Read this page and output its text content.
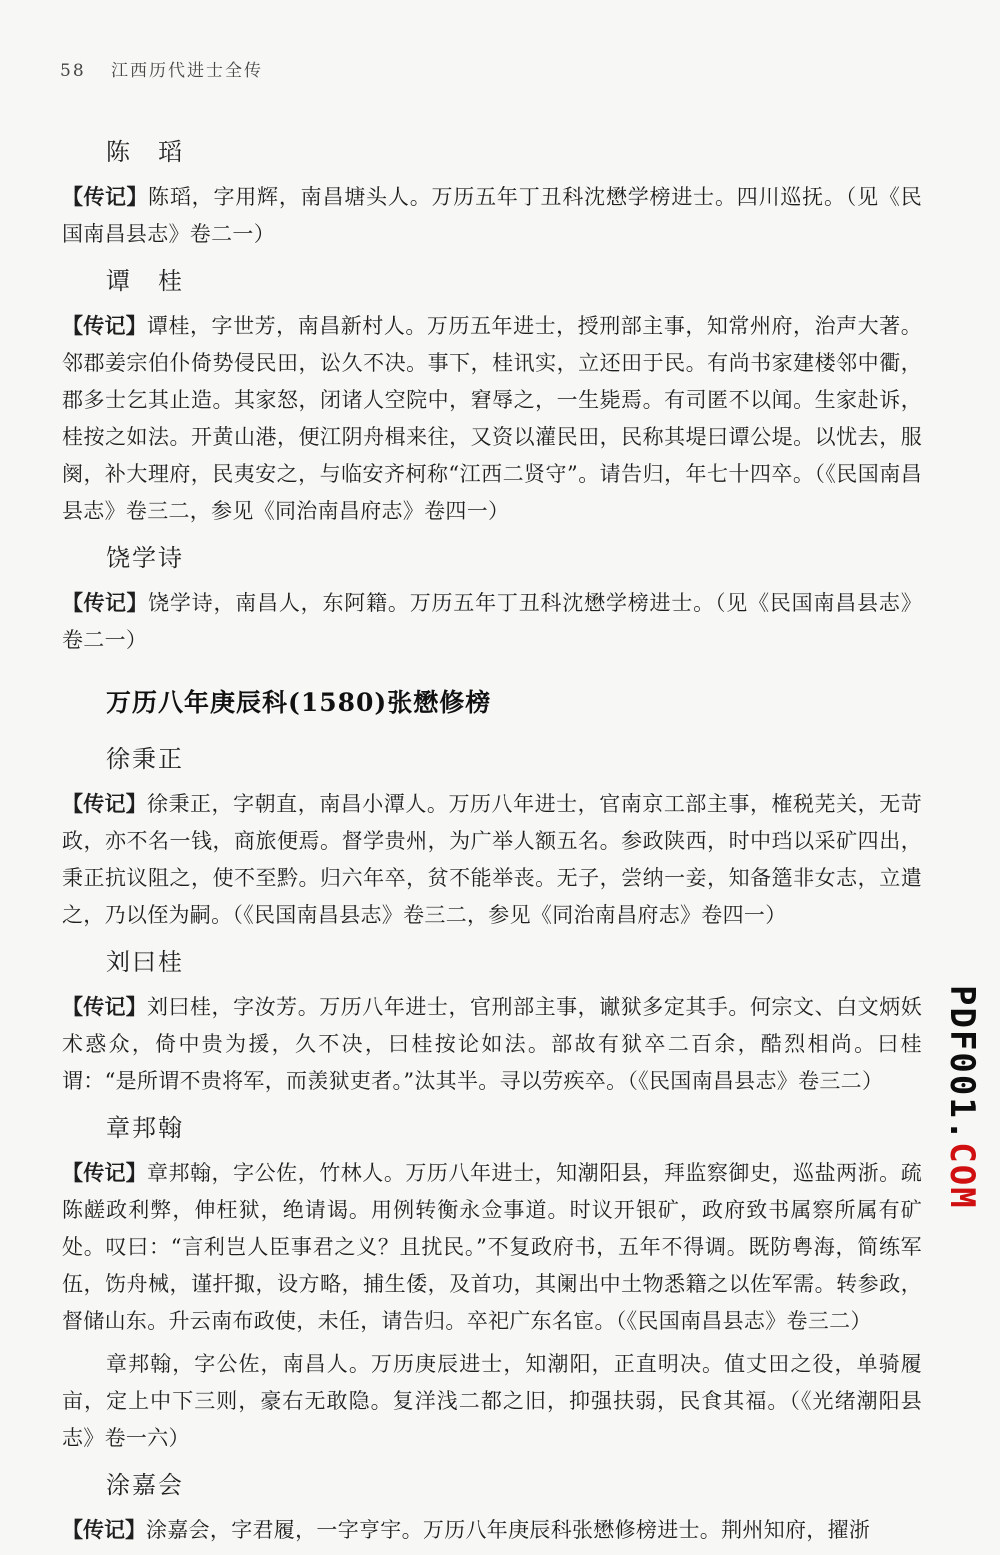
58 江西历代进士全传
陈　瑫

【传记】陈瑫，字用辉，南昌塘头人。万历五年丁丑科沈懋学榜进士。四川巡抚。（见《民国南昌县志》卷二一）

谭　桂

【传记】谭桂，字世芳，南昌新村人。万历五年进士，授刑部主事，知常州府，治声大著。邻郡姜宗伯仆倚势侵民田，讼久不决。事下，桂讯实，立还田于民。有尚书家建楼邻中衢，郡多士乞其止造。其家怒，闭诸人空院中，窘辱之，一生毙焉。有司匿不以闻。生家赴诉，桂按之如法。开黄山港，便江阴舟楫来往，又资以灌民田，民称其堤曰谭公堤。以忧去，服阕，补大理府，民夷安之，与临安齐柯称“江西二贤守”。请告归，年七十四卒。（《民国南昌县志》卷三二，参见《同治南昌府志》卷四一）

饶学诗

【传记】饶学诗，南昌人，东阿籍。万历五年丁丑科沈懋学榜进士。（见《民国南昌县志》卷二一）

万历八年庚辰科(1580)张懋修榜
徐秉正

【传记】徐秉正，字朝直，南昌小潭人。万历八年进士，官南京工部主事，榷税芜关，无苛政，亦不名一钱，商旅便焉。督学贵州，为广举人额五名。参政陕西，时中珰以采矿四出，秉正抗议阻之，使不至黔。归六年卒，贫不能举丧。无子，尝纳一妾，知备簉非女志，立遣之，乃以侄为嗣。（《民国南昌县志》卷三二，参见《同治南昌府志》卷四一）

刘曰桂

【传记】刘曰桂，字汝芳。万历八年进士，官刑部主事，谳狱多定其手。何宗文、白文炳妖术惑众，倚中贵为援，久不决，曰桂按论如法。部故有狱卒二百余，酷烈相尚。曰桂谓：“是所谓不贵将军，而羡狱吏者。”汰其半。寻以劳疾卒。（《民国南昌县志》卷三二）

章邦翰

【传记】章邦翰，字公佐，竹林人。万历八年进士，知潮阳县，拜监察御史，巡盐两浙。疏陈鹾政利弊，伸枉狱，绝请谒。用例转衡永佥事道。时议开银矿，政府致书属察所属有矿处。叹曰：“言利岂人臣事君之义？且扰民。”不复政府书，五年不得调。既防粤海，简练军伍，饬舟械，谨扞掫，设方略，捕生倭，及首功，其阑出中土物悉籍之以佐军需。转参政，督储山东。升云南布政使，未任，请告归。卒祀广东名宦。（《民国南昌县志》卷三二）

章邦翰，字公佐，南昌人。万历庚辰进士，知潮阳，正直明决。值丈田之役，单骑履亩，定上中下三则，豪右无敢隐。复洋浅二都之旧，抑强扶弱，民食其福。（《光绪潮阳县志》卷一六）

涂嘉会

【传记】涂嘉会，字君履，一字亨宇。万历八年庚辰科张懋修榜进士。荆州知府，擢浙

PDF001.COM
